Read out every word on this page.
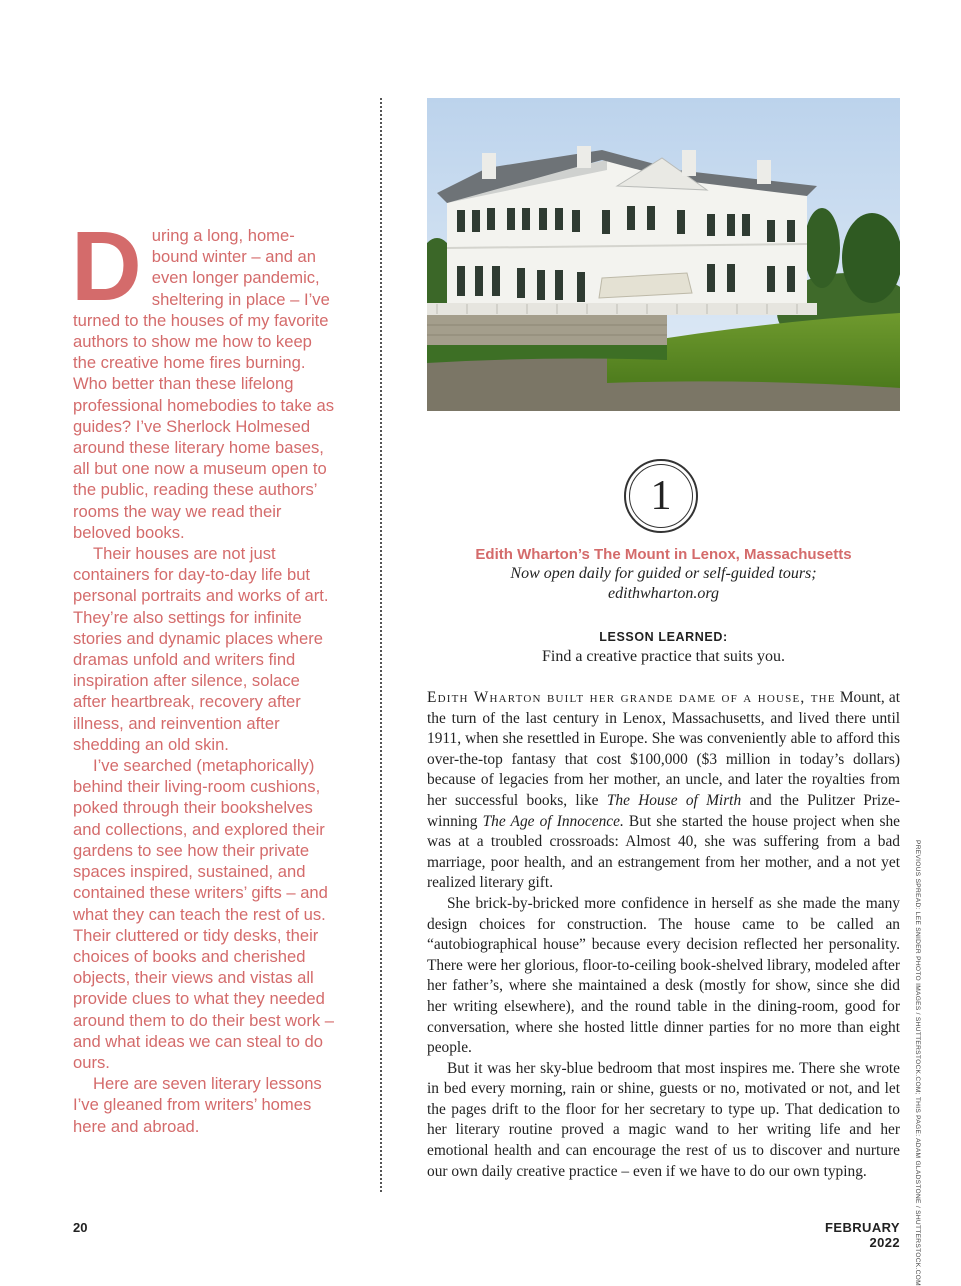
During a long, home-bound winter – and an even longer pandemic, sheltering in place – I’ve turned to the houses of my favorite authors to show me how to keep the creative home fires burning. Who better than these lifelong professional homebodies to take as guides? I’ve Sherlock Holmesed around these literary home bases, all but one now a museum open to the public, reading these authors’ rooms the way we read their beloved books.

Their houses are not just containers for day-to-day life but personal portraits and works of art. They’re also settings for infinite stories and dynamic places where dramas unfold and writers find inspiration after silence, solace after heartbreak, recovery after illness, and reinvention after shedding an old skin.

I’ve searched (metaphorically) behind their living-room cushions, poked through their bookshelves and collections, and explored their gardens to see how their private spaces inspired, sustained, and contained these writers’ gifts – and what they can teach the rest of us. Their cluttered or tidy desks, their choices of books and cherished objects, their views and vistas all provide clues to what they needed around them to do their best work – and what ideas we can steal to do ours.

Here are seven literary lessons I’ve gleaned from writers’ homes here and abroad.

1
Edith Wharton’s The Mount in Lenox, Massachusetts
Now open daily for guided or self-guided tours;
edithwharton.org
LESSON LEARNED:
Find a creative practice that suits you.

Edith Wharton built her grande dame of a house, the Mount, at the turn of the last century in Lenox, Massachusetts, and lived there until 1911, when she resettled in Europe. She was conveniently able to afford this over-the-top fantasy that cost $100,000 ($3 million in today’s dollars) because of legacies from her mother, an uncle, and later the royalties from her successful books, like The House of Mirth and the Pulitzer Prize-winning The Age of Innocence. But she started the house project when she was at a troubled crossroads: Almost 40, she was suffering from a bad marriage, poor health, and an estrangement from her mother, and a not yet realized literary gift.

She brick-by-bricked more confidence in herself as she made the many design choices for construction. The house came to be called an “autobiographical house” because every decision reflected her personality. There were her glorious, floor-to-ceiling book-shelved library, modeled after her father’s, where she maintained a desk (mostly for show, since she did her writing elsewhere), and the round table in the dining-room, good for conversation, where she hosted little dinner parties for no more than eight people.

But it was her sky-blue bedroom that most inspires me. There she wrote in bed every morning, rain or shine, guests or no, motivated or not, and let the pages drift to the floor for her secretary to type up. That dedication to her literary routine proved a magic wand to her writing life and her emotional health and can encourage the rest of us to discover and nurture our own daily creative practice – even if we have to do our own typing.	PREVIOUS SPREAD: LEE SNIDER PHOTO IMAGES / SHUTTERSTOCK.COM; THIS PAGE: ADAM GLADSTONE / SHUTTERSTOCK.COM
20	FEBRUARY 2022
